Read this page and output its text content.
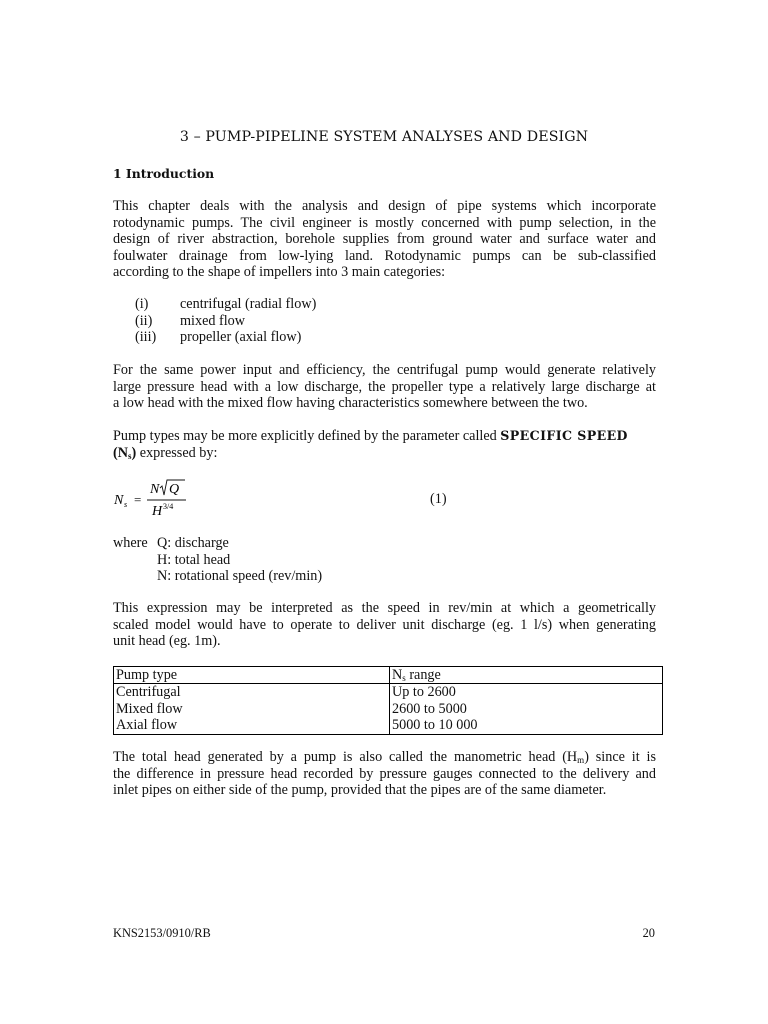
3 – PUMP-PIPELINE SYSTEM ANALYSES AND DESIGN
1 Introduction
This chapter deals with the analysis and design of pipe systems which incorporate
rotodynamic pumps. The civil engineer is mostly concerned with pump selection, in the
design of river abstraction, borehole supplies from ground water and surface water and
foulwater drainage from low-lying land. Rotodynamic pumps can be sub-classified
according to the shape of impellers into 3 main categories:
(i)	centrifugal (radial flow)
(ii)	mixed flow
(iii)	propeller (axial flow)
For the same power input and efficiency, the centrifugal pump would generate relatively
large pressure head with a low discharge, the propeller type a relatively large discharge at
a low head with the mixed flow having characteristics somewhere between the two.
Pump types may be more explicitly defined by the parameter called SPECIFIC SPEED
$(N_s)$ expressed by:
N s =
N Q
H 3/4	(1)
where Q: discharge
H: total head
N: rotational speed (rev/min)
This expression may be interpreted as the speed in rev/min at which a geometrically
scaled model would have to operate to deliver unit discharge (eg. 1 l/s) when generating
unit head (eg. 1m).
Pump type	$N_s$ range
Centrifugal	Up to 2600
Mixed flow	2600 to 5000
Axial flow	5000 to 10 000
The total head generated by a pump is also called the manometric head $(H_m)$ since it is
the difference in pressure head recorded by pressure gauges connected to the delivery and
inlet pipes on either side of the pump, provided that the pipes are of the same diameter.
KNS2153/0910/RB	20
